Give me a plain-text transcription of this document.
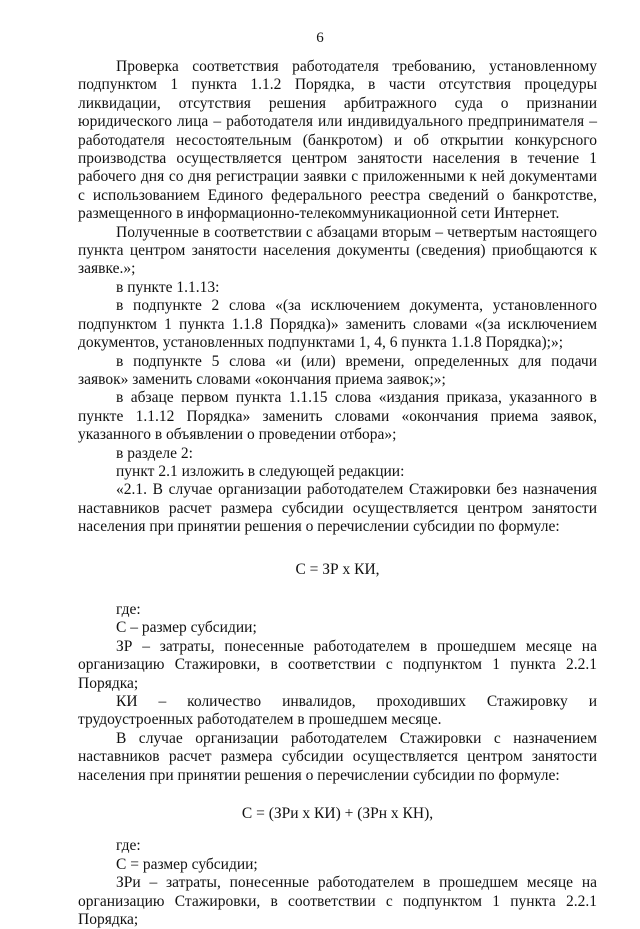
6

Проверка соответствия работодателя требованию, установленному подпунктом 1 пункта 1.1.2 Порядка, в части отсутствия процедуры ликвидации, отсутствия решения арбитражного суда о признании юридического лица – работодателя или индивидуального предпринимателя – работодателя несостоятельным (банкротом) и об открытии конкурсного производства осуществляется центром занятости населения в течение 1 рабочего дня со дня регистрации заявки с приложенными к ней документами с использованием Единого федерального реестра сведений о банкротстве, размещенного в информационно-телекоммуникационной сети Интернет.

Полученные в соответствии с абзацами вторым – четвертым настоящего пункта центром занятости населения документы (сведения) приобщаются к заявке.»;

в пункте 1.1.13:

в подпункте 2 слова «(за исключением документа, установленного подпунктом 1 пункта 1.1.8 Порядка)» заменить словами «(за исключением документов, установленных подпунктами 1, 4, 6 пункта 1.1.8 Порядка);»;

в подпункте 5 слова «и (или) времени, определенных для подачи заявок» заменить словами «окончания приема заявок;»;

в абзаце первом пункта 1.1.15 слова «издания приказа, указанного в пункте 1.1.12 Порядка» заменить словами «окончания приема заявок, указанного в объявлении о проведении отбора»;

в разделе 2:

пункт 2.1 изложить в следующей редакции:

«2.1. В случае организации работодателем Стажировки без назначения наставников расчет размера субсидии осуществляется центром занятости населения при принятии решения о перечислении субсидии по формуле:

С = ЗР х КИ,

где:

С – размер субсидии;

ЗР – затраты, понесенные работодателем в прошедшем месяце на организацию Стажировки, в соответствии с подпунктом 1 пункта 2.2.1 Порядка;

КИ – количество инвалидов, проходивших Стажировку и трудоустроенных работодателем в прошедшем месяце.

В случае организации работодателем Стажировки с назначением наставников расчет размера субсидии осуществляется центром занятости населения при принятии решения о перечислении субсидии по формуле:

С = (ЗРи х КИ) + (ЗРн х КН),

где:

С = размер субсидии;

ЗРи – затраты, понесенные работодателем в прошедшем месяце на организацию Стажировки, в соответствии с подпунктом 1 пункта 2.2.1 Порядка;
